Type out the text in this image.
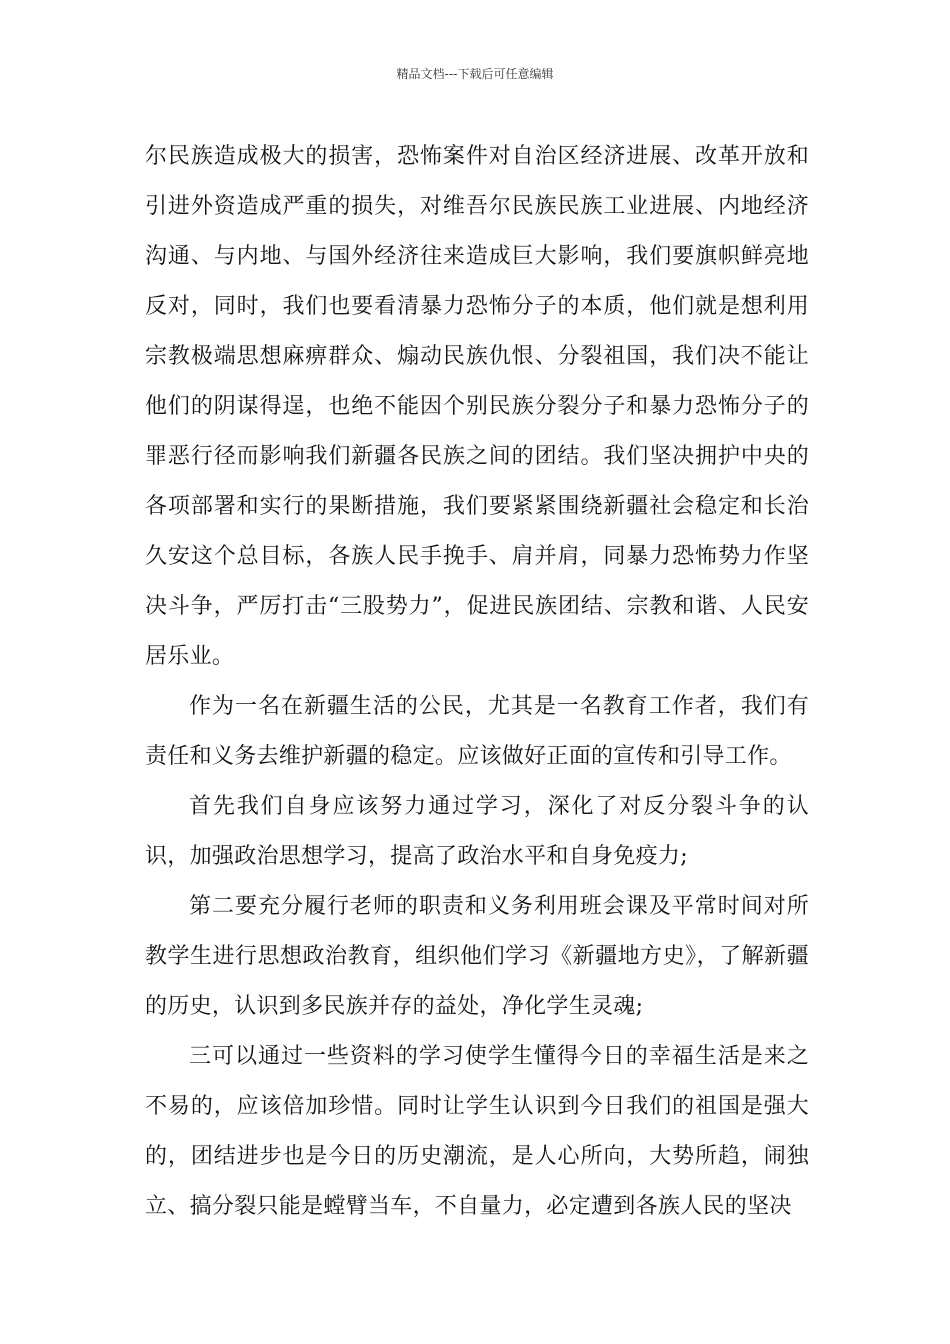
精品文档---下载后可任意编辑

尔民族造成极大的损害，恐怖案件对自治区经济进展、改革开放和引进外资造成严重的损失，对维吾尔民族民族工业进展、内地经济沟通、与内地、与国外经济往来造成巨大影响，我们要旗帜鲜亮地反对，同时，我们也要看清暴力恐怖分子的本质，他们就是想利用宗教极端思想麻痹群众、煽动民族仇恨、分裂祖国，我们决不能让他们的阴谋得逞，也绝不能因个别民族分裂分子和暴力恐怖分子的罪恶行径而影响我们新疆各民族之间的团结。我们坚决拥护中央的各项部署和实行的果断措施，我们要紧紧围绕新疆社会稳定和长治久安这个总目标，各族人民手挽手、肩并肩，同暴力恐怖势力作坚决斗争，严厉打击“三股势力”，促进民族团结、宗教和谐、人民安居乐业。

作为一名在新疆生活的公民，尤其是一名教育工作者，我们有责任和义务去维护新疆的稳定。应该做好正面的宣传和引导工作。

首先我们自身应该努力通过学习，深化了对反分裂斗争的认识，加强政治思想学习，提高了政治水平和自身免疫力;

第二要充分履行老师的职责和义务利用班会课及平常时间对所教学生进行思想政治教育，组织他们学习《新疆地方史》，了解新疆的历史，认识到多民族并存的益处，净化学生灵魂;

三可以通过一些资料的学习使学生懂得今日的幸福生活是来之不易的，应该倍加珍惜。同时让学生认识到今日我们的祖国是强大的，团结进步也是今日的历史潮流，是人心所向，大势所趋，闹独立、搞分裂只能是螳臂当车，不自量力，必定遭到各族人民的坚决
